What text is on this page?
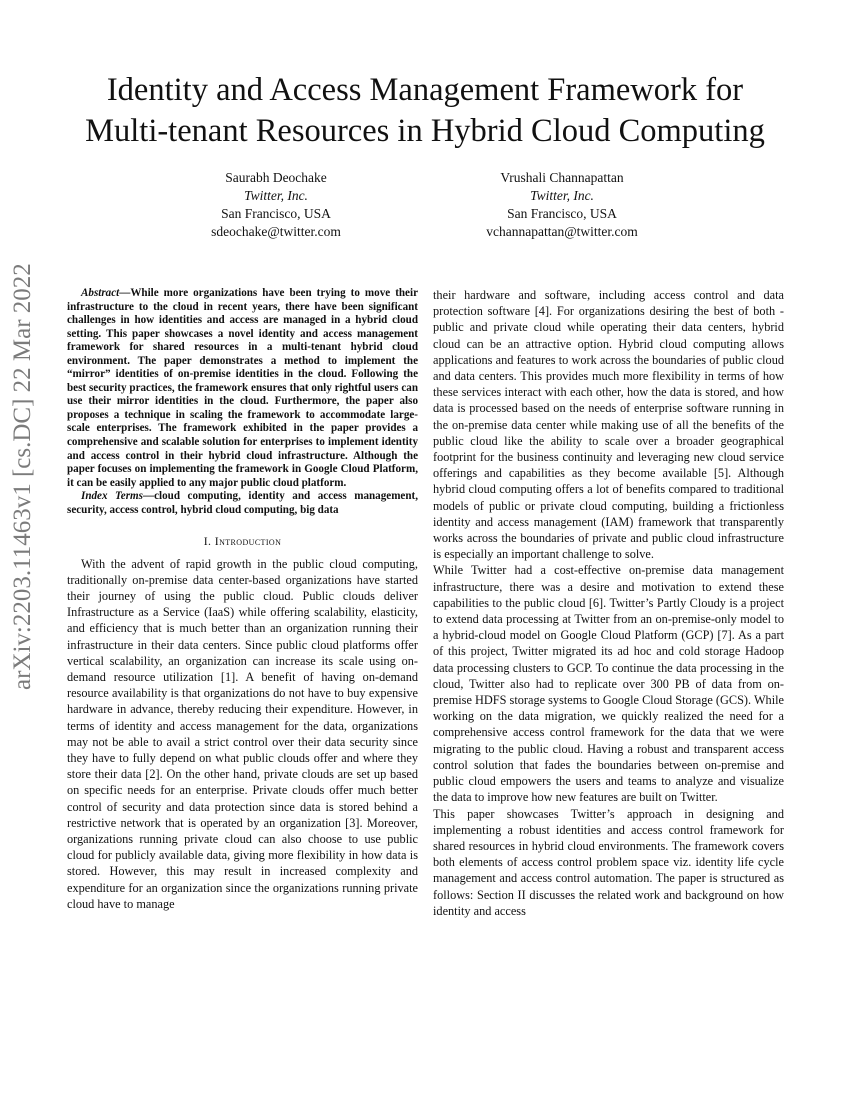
arXiv:2203.11463v1 [cs.DC] 22 Mar 2022
Identity and Access Management Framework for
Multi-tenant Resources in Hybrid Cloud Computing
Saurabh Deochake
Twitter, Inc.
San Francisco, USA
sdeochake@twitter.com
Vrushali Channapattan
Twitter, Inc.
San Francisco, USA
vchannapattan@twitter.com

Abstract—While more organizations have been trying to move their infrastructure to the cloud in recent years, there have been significant challenges in how identities and access are managed in a hybrid cloud setting. This paper showcases a novel identity and access management framework for shared resources in a multi-tenant hybrid cloud environment. The paper demonstrates a method to implement the “mirror” identities of on-premise identities in the cloud. Following the best security practices, the framework ensures that only rightful users can use their mirror identities in the cloud. Furthermore, the paper also proposes a technique in scaling the framework to accommodate large-scale enterprises. The framework exhibited in the paper provides a comprehensive and scalable solution for enterprises to implement identity and access control in their hybrid cloud infrastructure. Although the paper focuses on implementing the framework in Google Cloud Platform, it can be easily applied to any major public cloud platform.

Index Terms—cloud computing, identity and access management, security, access control, hybrid cloud computing, big data

I. Introduction

With the advent of rapid growth in the public cloud computing, traditionally on-premise data center-based organizations have started their journey of using the public cloud. Public clouds deliver Infrastructure as a Service (IaaS) while offering scalability, elasticity, and efficiency that is much better than an organization running their infrastructure in their data centers. Since public cloud platforms offer vertical scalability, an organization can increase its scale using on-demand resource utilization [1]. A benefit of having on-demand resource availability is that organizations do not have to buy expensive hardware in advance, thereby reducing their expenditure. However, in terms of identity and access management for the data, organizations may not be able to avail a strict control over their data security since they have to fully depend on what public clouds offer and where they store their data [2]. On the other hand, private clouds are set up based on specific needs for an enterprise. Private clouds offer much better control of security and data protection since data is stored behind a restrictive network that is operated by an organization [3]. Moreover, organizations running private cloud can also choose to use public cloud for publicly available data, giving more flexibility in how data is stored. However, this may result in increased complexity and expenditure for an organization since the organizations running private cloud have to manage

their hardware and software, including access control and data protection software [4]. For organizations desiring the best of both - public and private cloud while operating their data centers, hybrid cloud can be an attractive option. Hybrid cloud computing allows applications and features to work across the boundaries of public cloud and data centers. This provides much more flexibility in terms of how these services interact with each other, how the data is stored, and how data is processed based on the needs of enterprise software running in the on-premise data center while making use of all the benefits of the public cloud like the ability to scale over a broader geographical footprint for the business continuity and leveraging new cloud service offerings and capabilities as they become available [5]. Although hybrid cloud computing offers a lot of benefits compared to traditional models of public or private cloud computing, building a frictionless identity and access management (IAM) framework that transparently works across the boundaries of private and public cloud infrastructure is especially an important challenge to solve.

While Twitter had a cost-effective on-premise data management infrastructure, there was a desire and motivation to extend these capabilities to the public cloud [6]. Twitter’s Partly Cloudy is a project to extend data processing at Twitter from an on-premise-only model to a hybrid-cloud model on Google Cloud Platform (GCP) [7]. As a part of this project, Twitter migrated its ad hoc and cold storage Hadoop data processing clusters to GCP. To continue the data processing in the cloud, Twitter also had to replicate over 300 PB of data from on-premise HDFS storage systems to Google Cloud Storage (GCS). While working on the data migration, we quickly realized the need for a comprehensive access control framework for the data that we were migrating to the public cloud. Having a robust and transparent access control solution that fades the boundaries between on-premise and public cloud empowers the users and teams to analyze and visualize the data to improve how new features are built on Twitter.

This paper showcases Twitter’s approach in designing and implementing a robust identities and access control framework for shared resources in hybrid cloud environments. The framework covers both elements of access control problem space viz. identity life cycle management and access control automation. The paper is structured as follows: Section II discusses the related work and background on how identity and access
